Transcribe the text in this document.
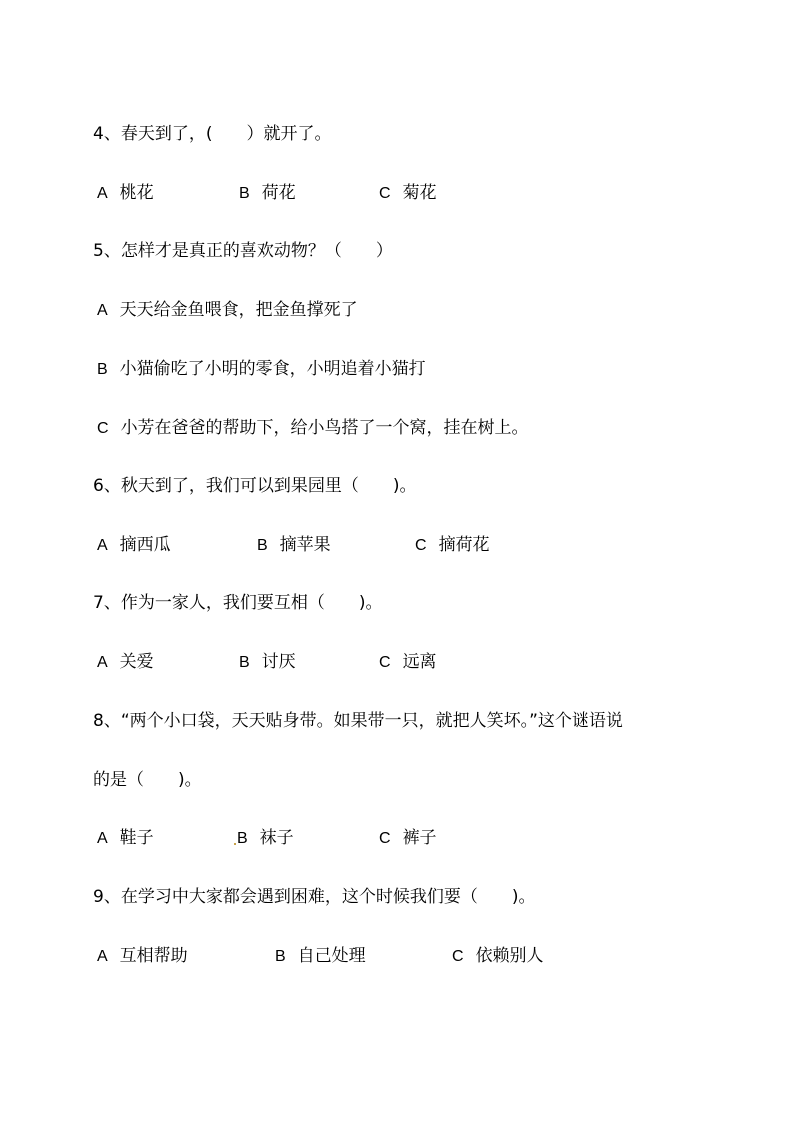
4、春天到了，(　　）就开了。
A 桃花	B 荷花	C 菊花
5、怎样才是真正的喜欢动物？（　　）
A 天天给金鱼喂食，把金鱼撑死了
B 小猫偷吃了小明的零食，小明追着小猫打
C 小芳在爸爸的帮助下，给小鸟搭了一个窝，挂在树上。
6、秋天到了，我们可以到果园里（　　)。
A 摘西瓜	B 摘苹果	C 摘荷花
7、作为一家人，我们要互相（　　)。
A 关爱	B 讨厌	C 远离
8、“两个小口袋，天天贴身带。如果带一只，就把人笑坏。”这个谜语说
的是（　　)。
A 鞋子	B 袜子	C 裤子
9、在学习中大家都会遇到困难，这个时候我们要（　　)。
A 互相帮助	B 自己处理	C 依赖别人
